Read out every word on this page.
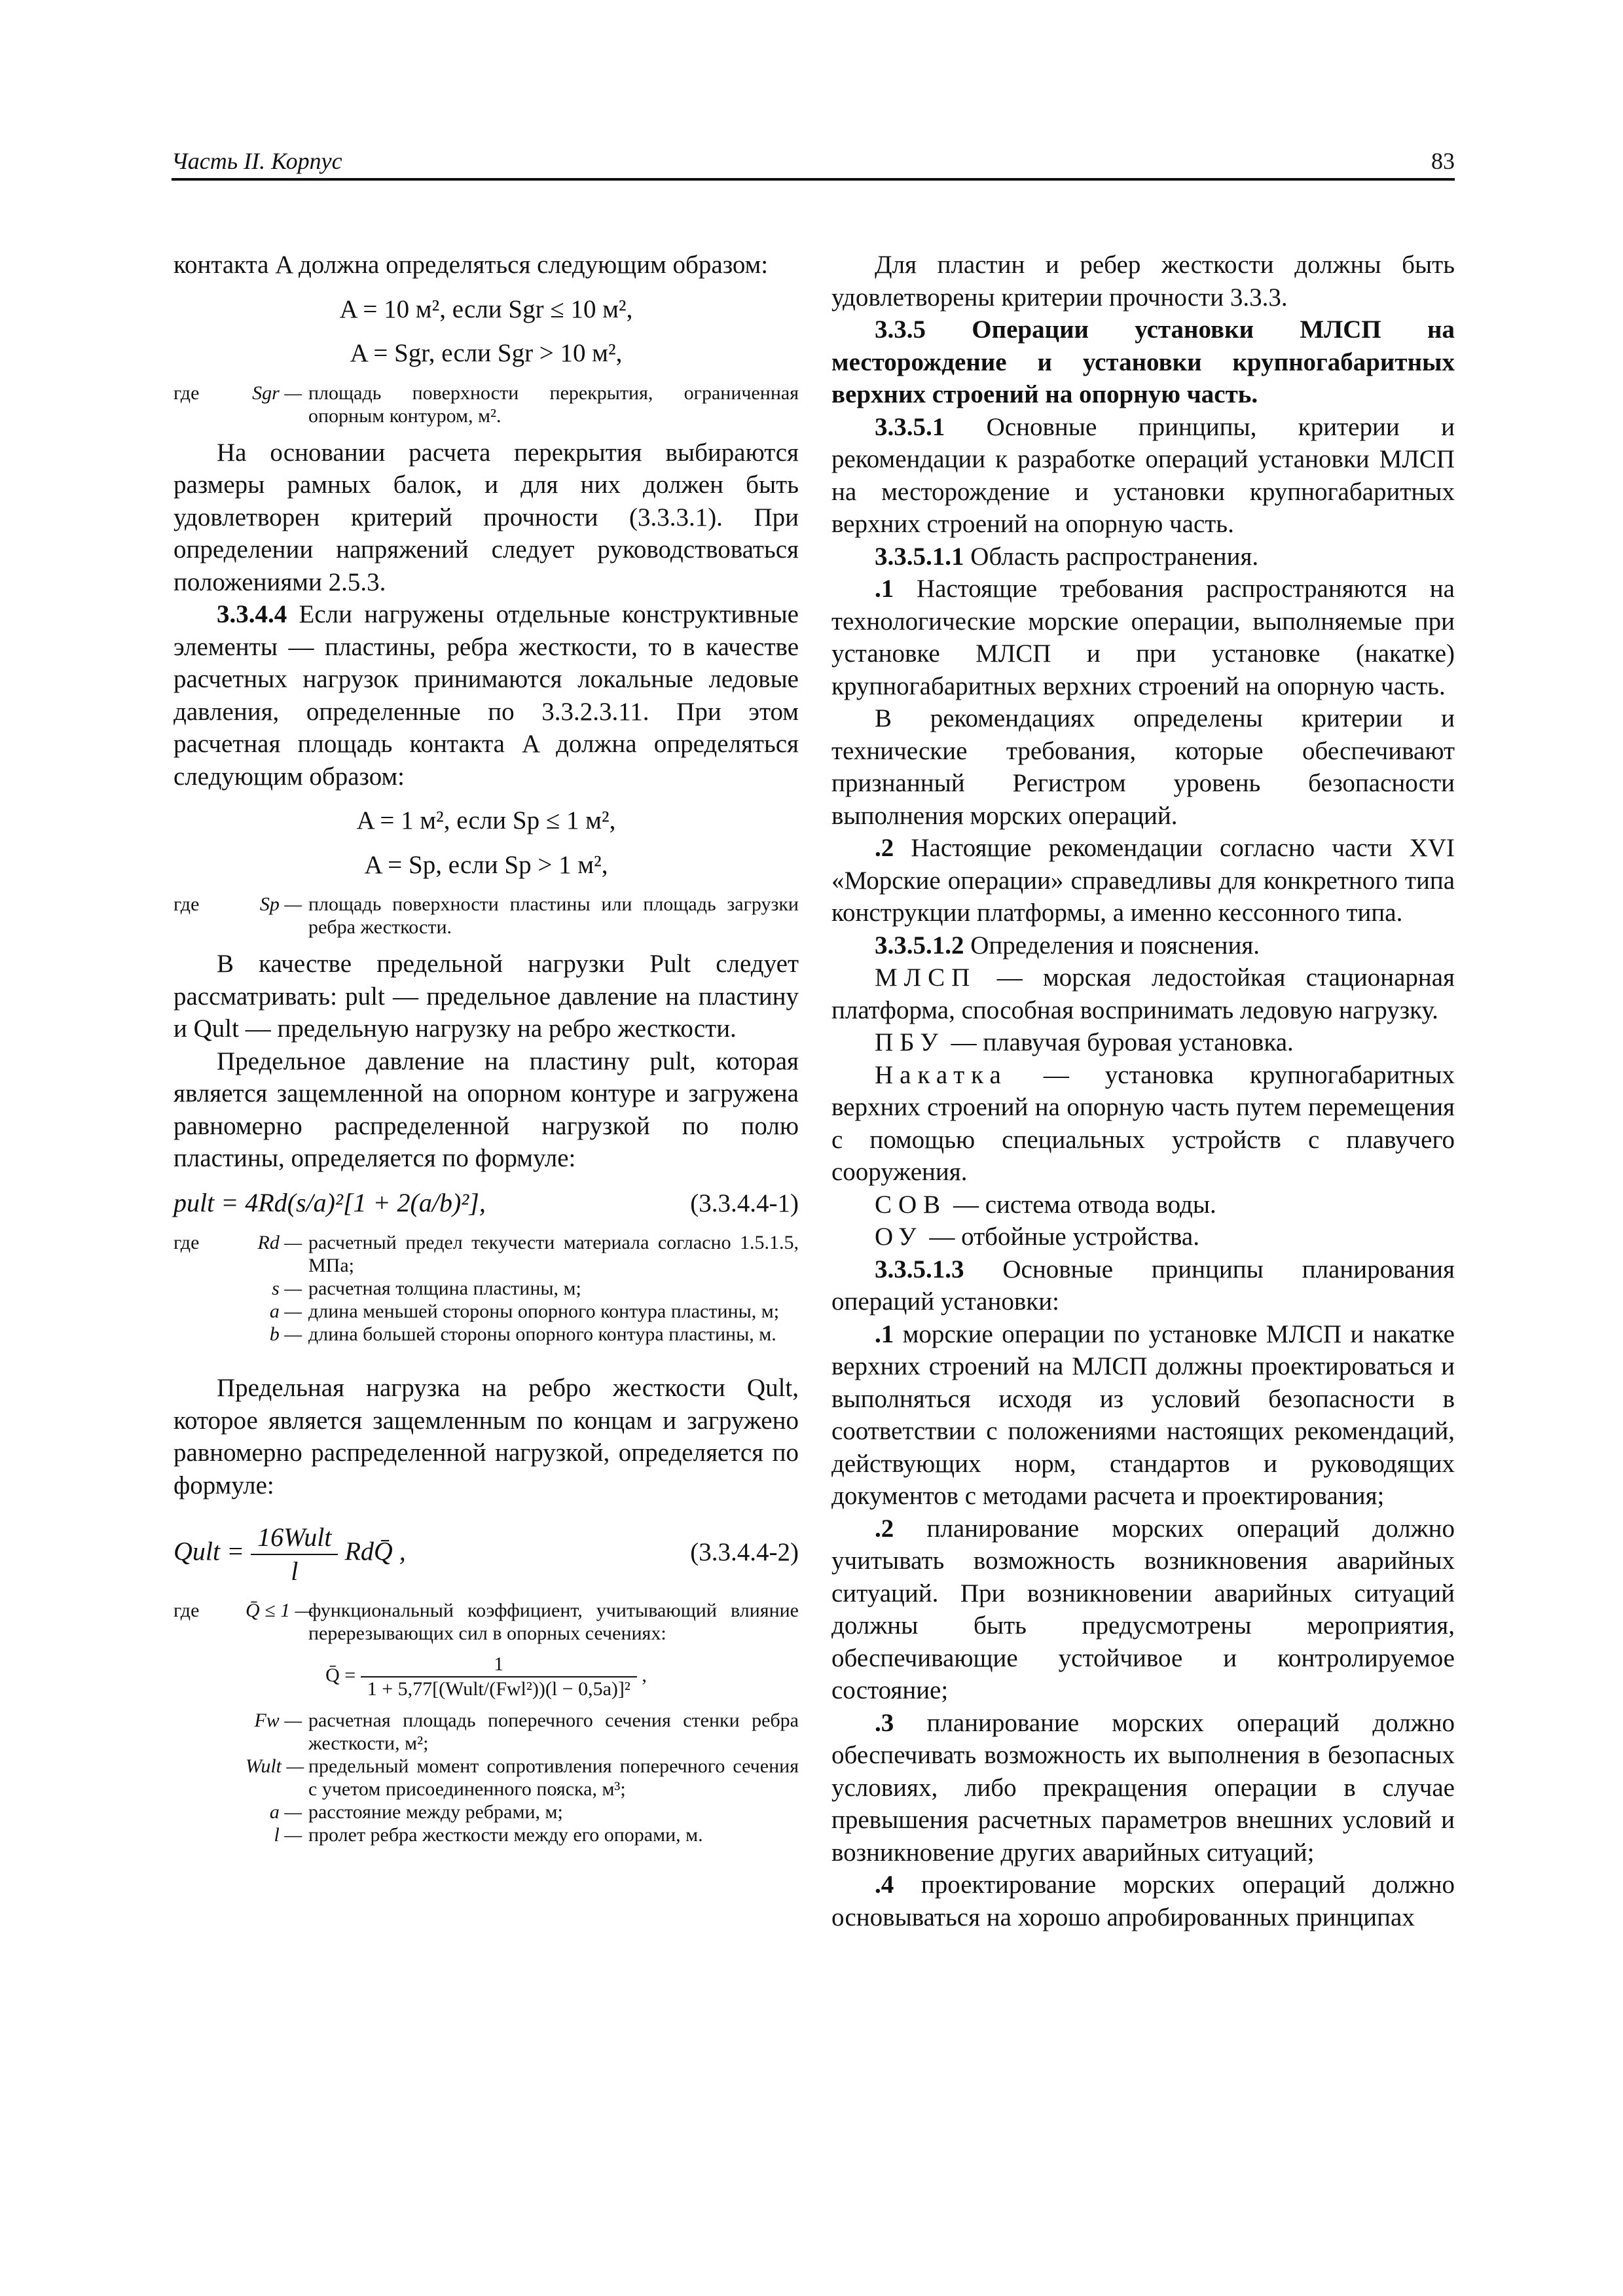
Часть II. Корпус	83

контакта A должна определяться следующим образом:

A = 10 м², если Sgr ≤ 10 м²,
A = Sgr, если Sgr > 10 м²,
где	Sgr — площадь поверхности перекрытия, ограниченная опорным контуром, м².

На основании расчета перекрытия выбираются размеры рамных балок, и для них должен быть удовлетворен критерий прочности (3.3.3.1). При определении напряжений следует руководствоваться положениями 2.5.3.

3.3.4.4 Если нагружены отдельные конструктивные элементы — пластины, ребра жесткости, то в качестве расчетных нагрузок принимаются локальные ледовые давления, определенные по 3.3.2.3.11. При этом расчетная площадь контакта A должна определяться следующим образом:

A = 1 м², если Sp ≤ 1 м²,
A = Sp, если Sp > 1 м²,
где	Sp — площадь поверхности пластины или площадь загрузки ребра жесткости.

В качестве предельной нагрузки Pult следует рассматривать: pult — предельное давление на пластину и Qult — предельную нагрузку на ребро жесткости.

Предельное давление на пластину pult, которая является защемленной на опорном контуре и загружена равномерно распределенной нагрузкой по полю пластины, определяется по формуле:

pult = 4Rd(s/a)²[1 + 2(a/b)²],	(3.3.4.4-1)
где	Rd — расчетный предел текучести материала согласно 1.5.1.5, МПа;
s — расчетная толщина пластины, м;
a — длина меньшей стороны опорного контура пластины, м;
b — длина большей стороны опорного контура пластины, м.

Предельная нагрузка на ребро жесткости Qult, которое является защемленным по концам и загружено равномерно распределенной нагрузкой, определяется по формуле:

Qult = $\frac{\text{16Wult}}{l}$ RdQ̄ ,	(3.3.4.4-2)
где	Q̄ ≤ 1 —
функциональный коэффициент, учитывающий влияние перерезывающих сил в опорных сечениях:
Q̄ = $\frac{1}{\text{1 + 5,77[(Wult/(Fwl²))(l − 0,5a)]²}}$ ,
Fw — расчетная площадь поперечного сечения стенки ребра жесткости, м²;
Wult — предельный момент сопротивления поперечного сечения с учетом присоединенного пояска, м³;
a — расстояние между ребрами, м;
l — пролет ребра жесткости между его опорами, м.

Для пластин и ребер жесткости должны быть удовлетворены критерии прочности 3.3.3.

3.3.5 Операции установки МЛСП на месторождение и установки крупногабаритных верхних строений на опорную часть.

3.3.5.1 Основные принципы, критерии и рекомендации к разработке операций установки МЛСП на месторождение и установки крупногабаритных верхних строений на опорную часть.

3.3.5.1.1 Область распространения.

.1 Настоящие требования распространяются на технологические морские операции, выполняемые при установке МЛСП и при установке (накатке) крупногабаритных верхних строений на опорную часть.

В рекомендациях определены критерии и технические требования, которые обеспечивают признанный Регистром уровень безопасности выполнения морских операций.

.2 Настоящие рекомендации согласно части XVI «Морские операции» справедливы для конкретного типа конструкции платформы, а именно кессонного типа.

3.3.5.1.2 Определения и пояснения.

МЛСП — морская ледостойкая стационарная платформа, способная воспринимать ледовую нагрузку.

ПБУ — плавучая буровая установка.

Накатка — установка крупногабаритных верхних строений на опорную часть путем перемещения с помощью специальных устройств с плавучего сооружения.

СОВ — система отвода воды.

ОУ — отбойные устройства.

3.3.5.1.3 Основные принципы планирования операций установки:

.1 морские операции по установке МЛСП и накатке верхних строений на МЛСП должны проектироваться и выполняться исходя из условий безопасности в соответствии с положениями настоящих рекомендаций, действующих норм, стандартов и руководящих документов с методами расчета и проектирования;

.2 планирование морских операций должно учитывать возможность возникновения аварийных ситуаций. При возникновении аварийных ситуаций должны быть предусмотрены мероприятия, обеспечивающие устойчивое и контролируемое состояние;

.3 планирование морских операций должно обеспечивать возможность их выполнения в безопасных условиях, либо прекращения операции в случае превышения расчетных параметров внешних условий и возникновение других аварийных ситуаций;

.4 проектирование морских операций должно основываться на хорошо апробированных принципах
